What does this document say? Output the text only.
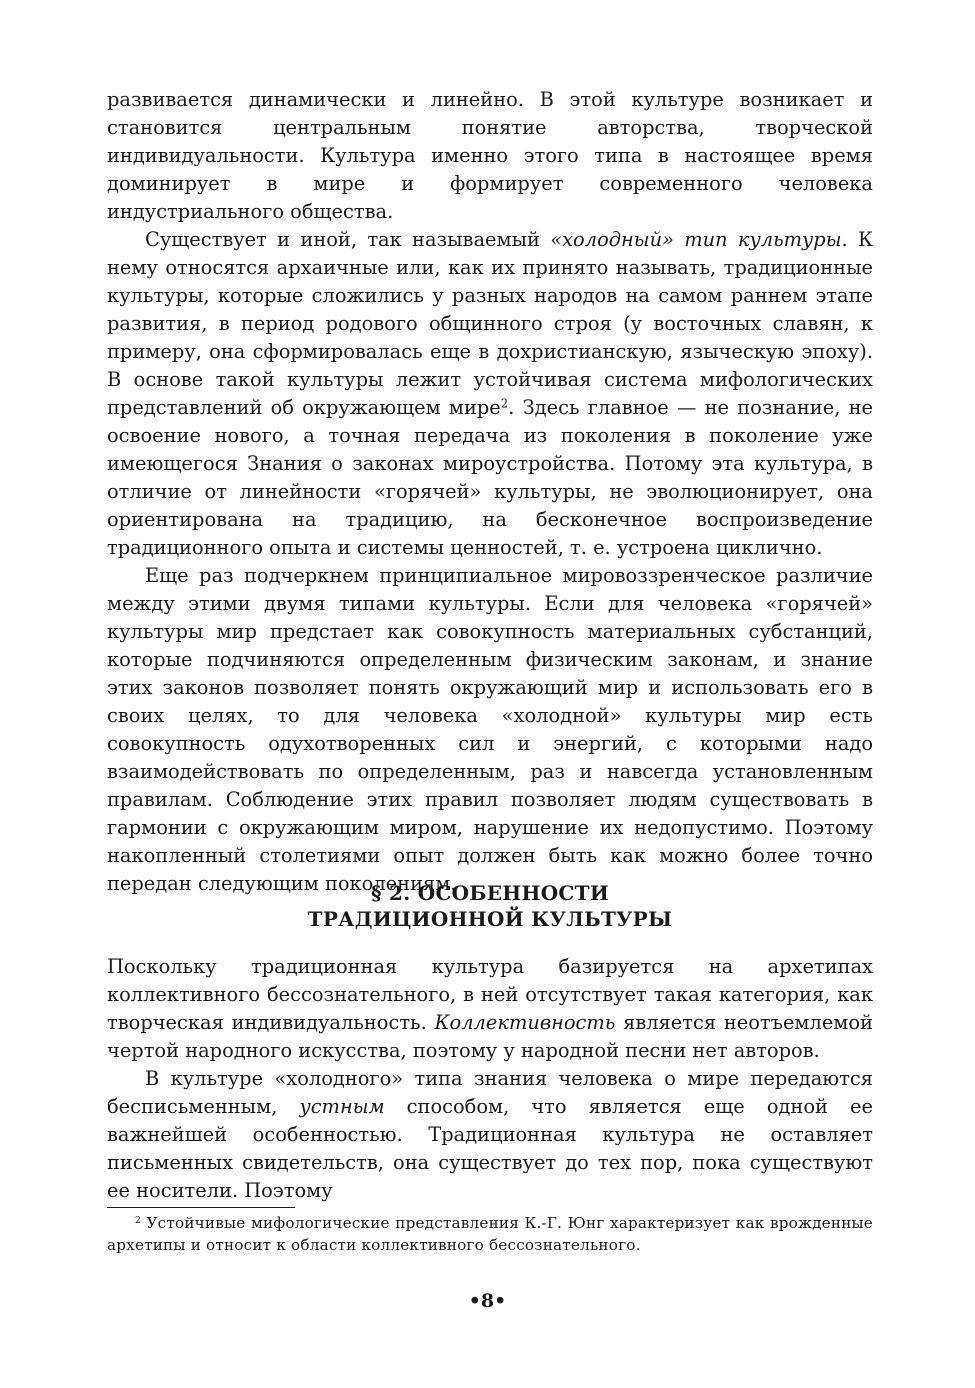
развивается динамически и линейно. В этой культуре возникает и становится центральным понятие авторства, творческой индивидуальности. Культура именно этого типа в настоящее время доминирует в мире и формирует современного человека индустриального общества.

Существует и иной, так называемый «холодный» тип культуры. К нему относятся архаичные или, как их принято называть, традиционные культуры, которые сложились у разных народов на самом раннем этапе развития, в период родового общинного строя (у восточных славян, к примеру, она сформировалась еще в дохристианскую, языческую эпоху). В основе такой культуры лежит устойчивая система мифологических представлений об окружающем мире$^2$. Здесь главное — не познание, не освоение нового, а точная передача из поколения в поколение уже имеющегося Знания о законах мироустройства. Потому эта культура, в отличие от линейности «горячей» культуры, не эволюционирует, она ориентирована на традицию, на бесконечное воспроизведение традиционного опыта и системы ценностей, т. е. устроена циклично.

Еще раз подчеркнем принципиальное мировоззренческое различие между этими двумя типами культуры. Если для человека «горячей» культуры мир предстает как совокупность материальных субстанций, которые подчиняются определенным физическим законам, и знание этих законов позволяет понять окружающий мир и использовать его в своих целях, то для человека «холодной» культуры мир есть совокупность одухотворенных сил и энергий, с которыми надо взаимодействовать по определенным, раз и навсегда установленным правилам. Соблюдение этих правил позволяет людям существовать в гармонии с окружающим миром, нарушение их недопустимо. Поэтому накопленный столетиями опыт должен быть как можно более точно передан следующим поколениям.

§ 2. ОСОБЕННОСТИ
ТРАДИЦИОННОЙ КУЛЬТУРЫ

Поскольку традиционная культура базируется на архетипах коллективного бессознательного, в ней отсутствует такая категория, как творческая индивидуальность. Коллективность является неотъемлемой чертой народного искусства, поэтому у народной песни нет авторов.

В культуре «холодного» типа знания человека о мире передаются бесписьменным, устным способом, что является еще одной ее важнейшей особенностью. Традиционная культура не оставляет письменных свидетельств, она существует до тех пор, пока существуют ее носители. Поэтому

$^2$ Устойчивые мифологические представления К.-Г. Юнг характеризует как врожденные архетипы и относит к области коллективного бессознательного.

•8•
